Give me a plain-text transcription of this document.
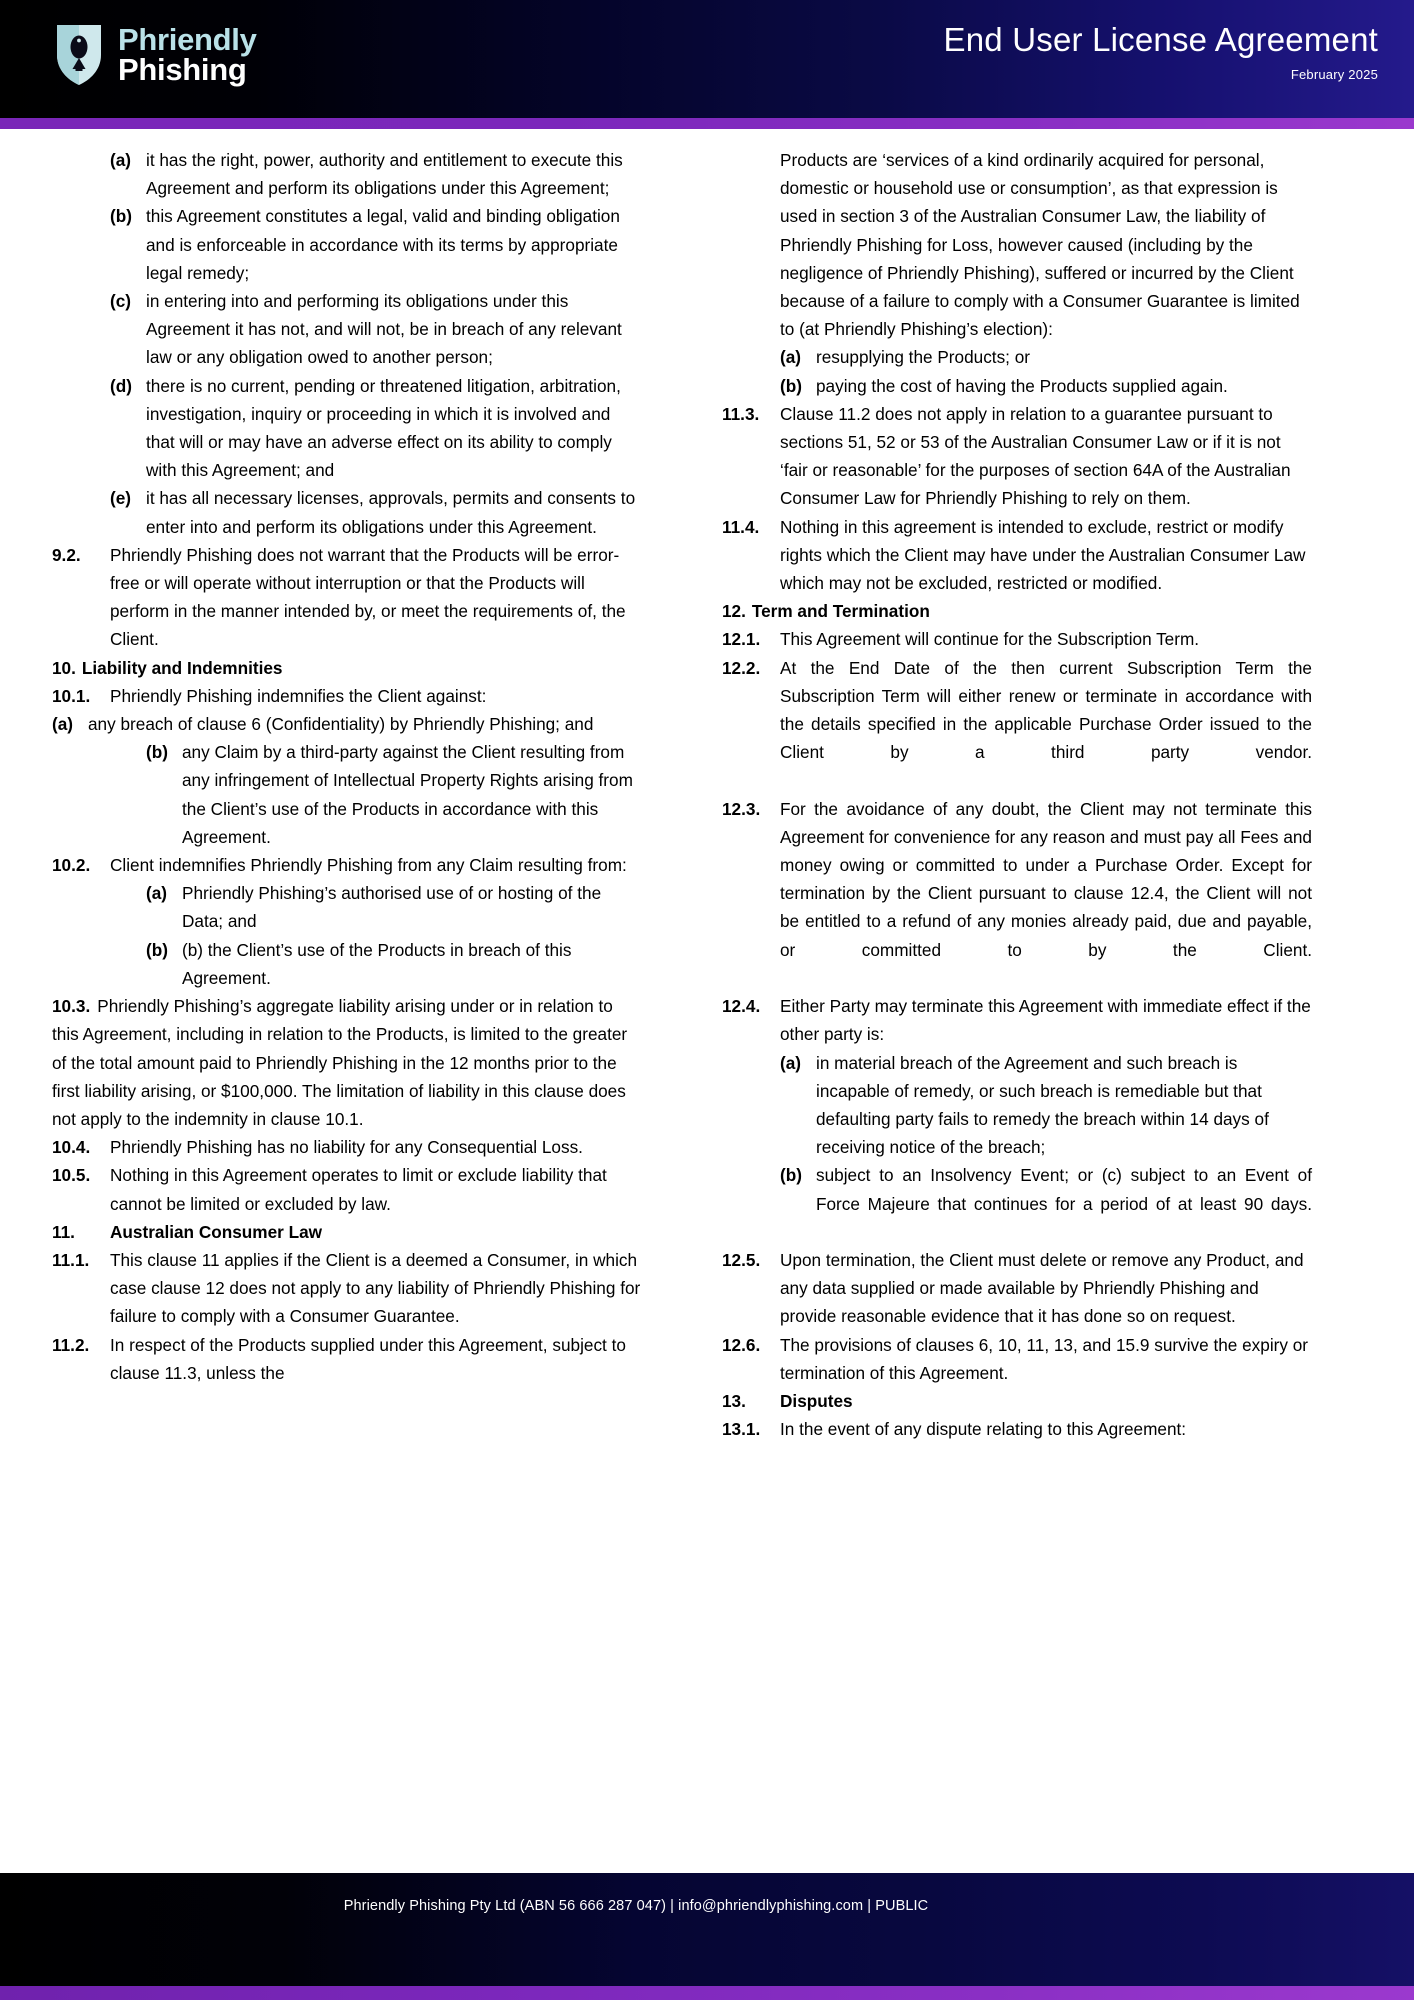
Phriendly
Phishing
End User License Agreement
February 2025
(a) it has the right, power, authority and entitlement to execute this Agreement and perform its obligations under this Agreement;
(b) this Agreement constitutes a legal, valid and binding obligation and is enforceable in accordance with its terms by appropriate legal remedy;
(c) in entering into and performing its obligations under this Agreement it has not, and will not, be in breach of any relevant law or any obligation owed to another person;
(d) there is no current, pending or threatened litigation, arbitration, investigation, inquiry or proceeding in which it is involved and that will or may have an adverse effect on its ability to comply with this Agreement; and
(e) it has all necessary licenses, approvals, permits and consents to enter into and perform its obligations under this Agreement.
9.2.	Phriendly Phishing does not warrant that the Products will be error-free or will operate without interruption or that the Products will perform in the manner intended by, or meet the requirements of, the Client.
10. Liability and Indemnities
10.1.	Phriendly Phishing indemnifies the Client against:
(a) any breach of clause 6 (Confidentiality) by Phriendly Phishing; and
(b) any Claim by a third-party against the Client resulting from any infringement of Intellectual Property Rights arising from the Client’s use of the Products in accordance with this Agreement.
10.2.	Client indemnifies Phriendly Phishing from any Claim resulting from:
(a) Phriendly Phishing’s authorised use of or hosting of the Data; and
(b) (b) the Client’s use of the Products in breach of this Agreement.
10.3. Phriendly Phishing’s aggregate liability arising under or in relation to this Agreement, including in relation to the Products, is limited to the greater of the total amount paid to Phriendly Phishing in the 12 months prior to the first liability arising, or $100,000. The limitation of liability in this clause does not apply to the indemnity in clause 10.1.
10.4.	Phriendly Phishing has no liability for any Consequential Loss.
10.5.	Nothing in this Agreement operates to limit or exclude liability that cannot be limited or excluded by law.
11.	Australian Consumer Law
11.1.	This clause 11 applies if the Client is a deemed a Consumer, in which case clause 12 does not apply to any liability of Phriendly Phishing for failure to comply with a Consumer Guarantee.
11.2.	In respect of the Products supplied under this Agreement, subject to clause 11.3, unless the
Products are ‘services of a kind ordinarily acquired for personal, domestic or household use or consumption’, as that expression is used in section 3 of the Australian Consumer Law, the liability of Phriendly Phishing for Loss, however caused (including by the negligence of Phriendly Phishing), suffered or incurred by the Client because of a failure to comply with a Consumer Guarantee is limited to (at Phriendly Phishing’s election):
(a) resupplying the Products; or
(b) paying the cost of having the Products supplied again.
11.3.	Clause 11.2 does not apply in relation to a guarantee pursuant to sections 51, 52 or 53 of the Australian Consumer Law or if it is not ‘fair or reasonable’ for the purposes of section 64A of the Australian Consumer Law for Phriendly Phishing to rely on them.
11.4.	Nothing in this agreement is intended to exclude, restrict or modify rights which the Client may have under the Australian Consumer Law which may not be excluded, restricted or modified.
12. Term and Termination
12.1.	This Agreement will continue for the Subscription Term.
12.2.	At the End Date of the then current Subscription Term the Subscription Term will either renew or terminate in accordance with the details specified in the applicable Purchase Order issued to the Client by a third party vendor.
12.3.	For the avoidance of any doubt, the Client may not terminate this Agreement for convenience for any reason and must pay all Fees and money owing or committed to under a Purchase Order. Except for termination by the Client pursuant to clause 12.4, the Client will not be entitled to a refund of any monies already paid, due and payable, or committed to by the Client.
12.4.	Either Party may terminate this Agreement with immediate effect if the other party is:
(a) in material breach of the Agreement and such breach is incapable of remedy, or such breach is remediable but that defaulting party fails to remedy the breach within 14 days of receiving notice of the breach;
(b) subject to an Insolvency Event; or (c) subject to an Event of Force Majeure that continues for a period of at least 90 days.
12.5.	Upon termination, the Client must delete or remove any Product, and any data supplied or made available by Phriendly Phishing and provide reasonable evidence that it has done so on request.
12.6.	The provisions of clauses 6, 10, 11, 13, and 15.9 survive the expiry or termination of this Agreement.
13.	Disputes
13.1.	In the event of any dispute relating to this Agreement:
Phriendly Phishing Pty Ltd (ABN 56 666 287 047) | info@phriendlyphishing.com | PUBLIC
